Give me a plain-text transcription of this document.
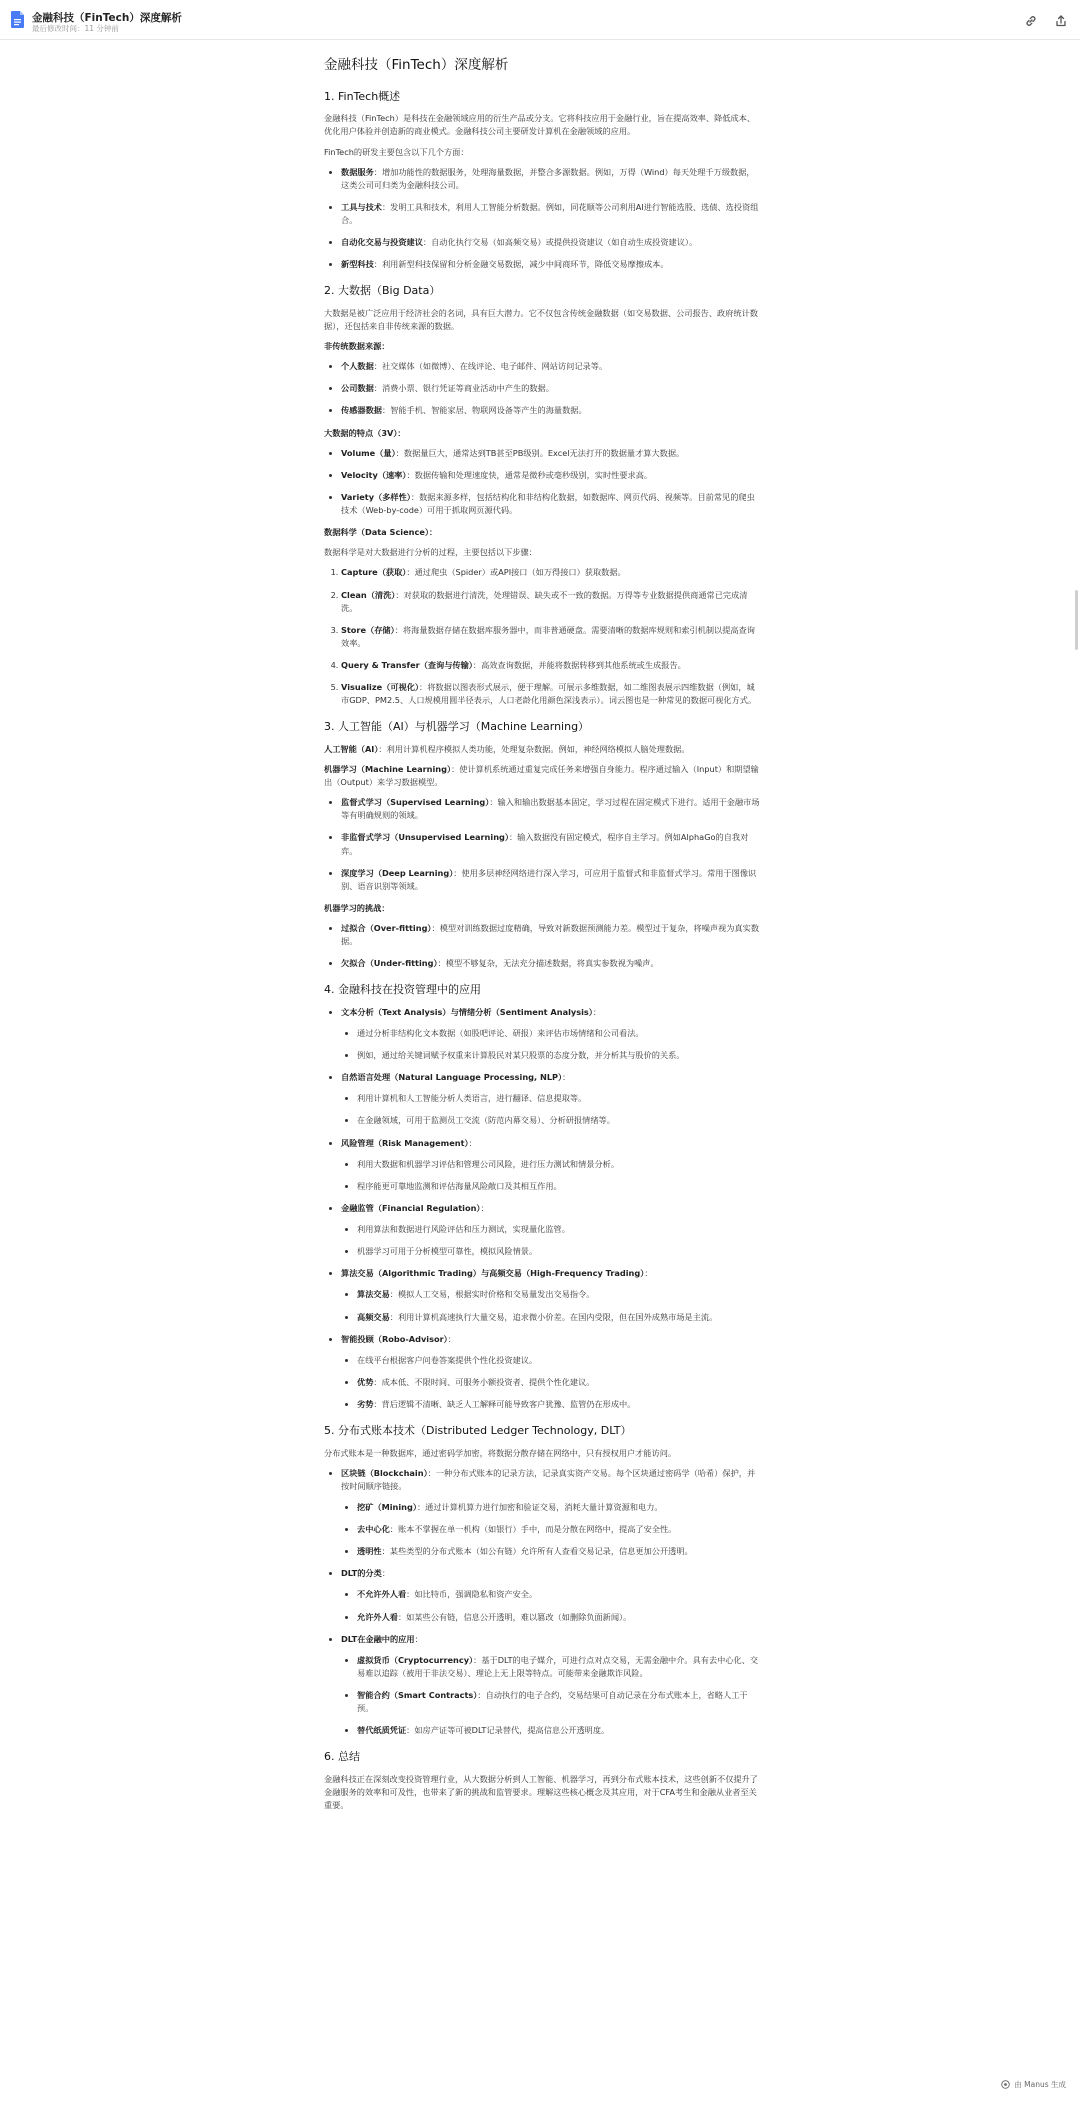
金融科技（FinTech）深度解析
最后修改时间：11 分钟前
金融科技（FinTech）深度解析
1. FinTech概述

金融科技（FinTech）是科技在金融领域应用的衍生产品或分支。它将科技应用于金融行业，旨在提高效率、降低成本、优化用户体验并创造新的商业模式。金融科技公司主要研发计算机在金融领域的应用。

FinTech的研发主要包含以下几个方面：

• 数据服务：增加功能性的数据服务，处理海量数据，并整合多源数据。例如，万得（Wind）每天处理千万级数据，这类公司可归类为金融科技公司。
• 工具与技术：发明工具和技术，利用人工智能分析数据。例如，同花顺等公司利用AI进行智能选股、选债、选投资组合。
• 自动化交易与投资建议：自动化执行交易（如高频交易）或提供投资建议（如自动生成投资建议）。
• 新型科技：利用新型科技保留和分析金融交易数据，减少中间商环节，降低交易摩擦成本。
2. 大数据（Big Data）

大数据是被广泛应用于经济社会的名词，具有巨大潜力。它不仅包含传统金融数据（如交易数据、公司报告、政府统计数据），还包括来自非传统来源的数据。

非传统数据来源：

• 个人数据：社交媒体（如微博）、在线评论、电子邮件、网站访问记录等。
• 公司数据：消费小票、银行凭证等商业活动中产生的数据。
• 传感器数据：智能手机、智能家居、物联网设备等产生的海量数据。

大数据的特点（3V）：

• Volume（量）：数据量巨大，通常达到TB甚至PB级别。Excel无法打开的数据量才算大数据。
• Velocity（速率）：数据传输和处理速度快，通常是微秒或毫秒级别，实时性要求高。
• Variety（多样性）：数据来源多样，包括结构化和非结构化数据，如数据库、网页代码、视频等。目前常见的爬虫技术（Web-by-code）可用于抓取网页源代码。

数据科学（Data Science）：

数据科学是对大数据进行分析的过程，主要包括以下步骤：

1. Capture（获取）：通过爬虫（Spider）或API接口（如万得接口）获取数据。
2. Clean（清洗）：对获取的数据进行清洗，处理错误、缺失或不一致的数据。万得等专业数据提供商通常已完成清洗。
3. Store（存储）：将海量数据存储在数据库服务器中，而非普通硬盘。需要清晰的数据库规则和索引机制以提高查询效率。
4. Query & Transfer（查询与传输）：高效查询数据，并能将数据转移到其他系统或生成报告。
5. Visualize（可视化）：将数据以图表形式展示，便于理解。可展示多维数据，如二维图表展示四维数据（例如，城市GDP、PM2.5、人口规模用圆半径表示，人口老龄化用颜色深浅表示）。词云图也是一种常见的数据可视化方式。
3. 人工智能（AI）与机器学习（Machine Learning）

人工智能（AI）：利用计算机程序模拟人类功能，处理复杂数据。例如，神经网络模拟人脑处理数据。

机器学习（Machine Learning）：使计算机系统通过重复完成任务来增强自身能力。程序通过输入（Input）和期望输出（Output）来学习数据模型。

• 监督式学习（Supervised Learning）：输入和输出数据基本固定，学习过程在固定模式下进行。适用于金融市场等有明确规则的领域。
• 非监督式学习（Unsupervised Learning）：输入数据没有固定模式，程序自主学习。例如AlphaGo的自我对弈。
• 深度学习（Deep Learning）：使用多层神经网络进行深入学习，可应用于监督式和非监督式学习。常用于图像识别、语音识别等领域。

机器学习的挑战：

• 过拟合（Over-fitting）：模型对训练数据过度精确，导致对新数据预测能力差。模型过于复杂，将噪声视为真实数据。
• 欠拟合（Under-fitting）：模型不够复杂，无法充分描述数据，将真实参数视为噪声。
4. 金融科技在投资管理中的应用
• 文本分析（Text Analysis）与情绪分析（Sentiment Analysis）：
• 通过分析非结构化文本数据（如股吧评论、研报）来评估市场情绪和公司看法。
• 例如，通过给关键词赋予权重来计算股民对某只股票的态度分数，并分析其与股价的关系。
• 自然语言处理（Natural Language Processing, NLP）：
• 利用计算机和人工智能分析人类语言，进行翻译、信息提取等。
• 在金融领域，可用于监测员工交流（防范内幕交易）、分析研报情绪等。
• 风险管理（Risk Management）：
• 利用大数据和机器学习评估和管理公司风险，进行压力测试和情景分析。
• 程序能更可靠地监测和评估海量风险敞口及其相互作用。
• 金融监管（Financial Regulation）：
• 利用算法和数据进行风险评估和压力测试，实现量化监管。
• 机器学习可用于分析模型可靠性，模拟风险情景。
• 算法交易（Algorithmic Trading）与高频交易（High-Frequency Trading）：
• 算法交易：模拟人工交易，根据实时价格和交易量发出交易指令。
• 高频交易：利用计算机高速执行大量交易，追求微小价差。在国内受限，但在国外成熟市场是主流。
• 智能投顾（Robo-Advisor）：
• 在线平台根据客户问卷答案提供个性化投资建议。
• 优势：成本低、不限时间、可服务小额投资者、提供个性化建议。
• 劣势：背后逻辑不清晰、缺乏人工解释可能导致客户犹豫、监管仍在形成中。
5. 分布式账本技术（Distributed Ledger Technology, DLT）

分布式账本是一种数据库，通过密码学加密，将数据分散存储在网络中，只有授权用户才能访问。

• 区块链（Blockchain）：一种分布式账本的记录方法，记录真实资产交易。每个区块通过密码学（哈希）保护，并按时间顺序链接。
• 挖矿（Mining）：通过计算机算力进行加密和验证交易，消耗大量计算资源和电力。
• 去中心化：账本不掌握在单一机构（如银行）手中，而是分散在网络中，提高了安全性。
• 透明性：某些类型的分布式账本（如公有链）允许所有人查看交易记录，信息更加公开透明。
• DLT的分类：
• 不允许外人看：如比特币，强调隐私和资产安全。
• 允许外人看：如某些公有链，信息公开透明，难以篡改（如删除负面新闻）。
• DLT在金融中的应用：
• 虚拟货币（Cryptocurrency）：基于DLT的电子媒介，可进行点对点交易，无需金融中介。具有去中心化、交易难以追踪（被用于非法交易）、理论上无上限等特点。可能带来金融欺诈风险。
• 智能合约（Smart Contracts）：自动执行的电子合约，交易结果可自动记录在分布式账本上，省略人工干预。
• 替代纸质凭证：如房产证等可被DLT记录替代，提高信息公开透明度。
6. 总结

金融科技正在深刻改变投资管理行业，从大数据分析到人工智能、机器学习，再到分布式账本技术，这些创新不仅提升了金融服务的效率和可及性，也带来了新的挑战和监管要求。理解这些核心概念及其应用，对于CFA考生和金融从业者至关重要。

由 Manus 生成
